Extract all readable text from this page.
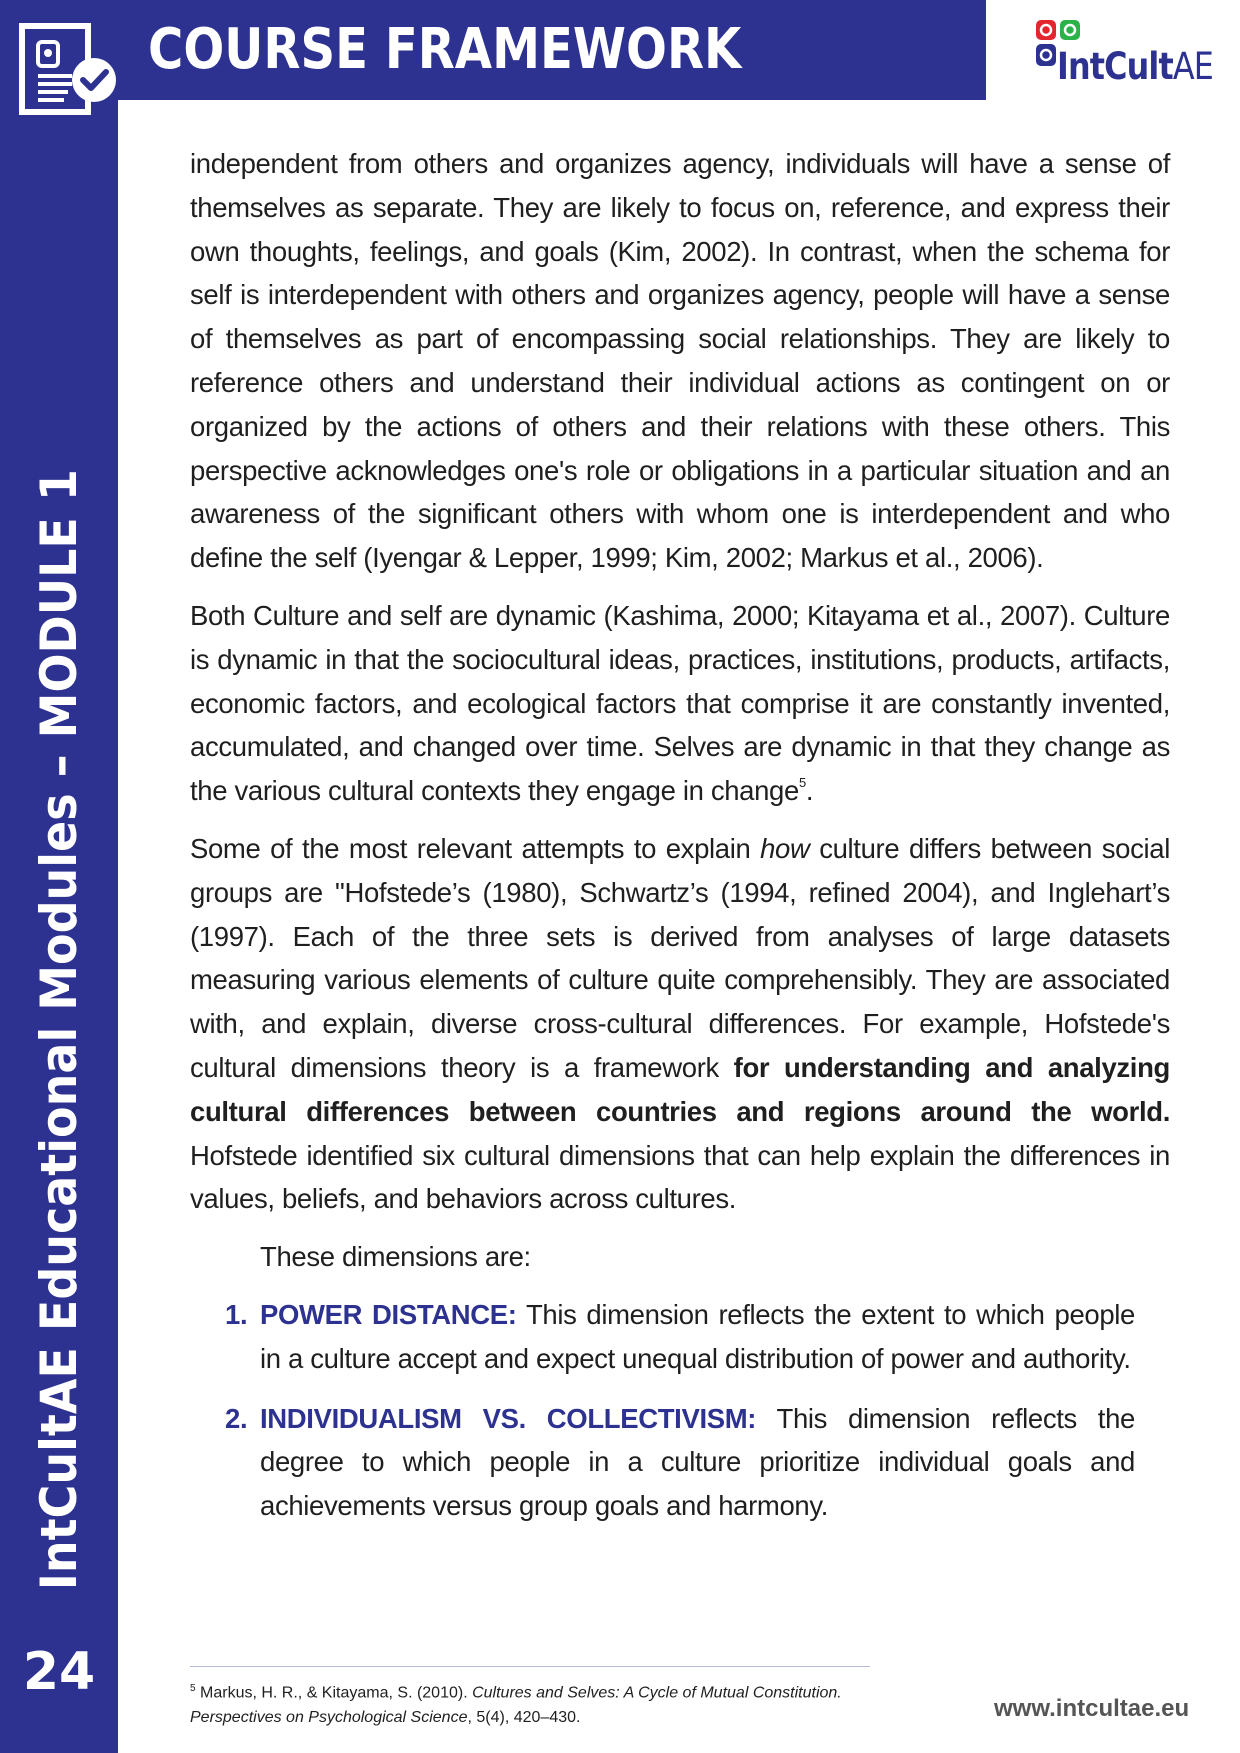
COURSE FRAMEWORK	IntCultAE
IntCultAE Educational Modules – MODULE 1
24

independent from others and organizes agency, individuals will have a sense of themselves as separate. They are likely to focus on, reference, and express their own thoughts, feelings, and goals (Kim, 2002). In contrast, when the schema for self is interdependent with others and organizes agency, people will have a sense of themselves as part of encompassing social relationships. They are likely to reference others and understand their individual actions as contingent on or organized by the actions of others and their relations with these others. This perspective acknowledges one's role or obligations in a particular situation and an awareness of the significant others with whom one is interdependent and who define the self (Iyengar & Lepper, 1999; Kim, 2002; Markus et al., 2006).

Both Culture and self are dynamic (Kashima, 2000; Kitayama et al., 2007). Culture is dynamic in that the sociocultural ideas, practices, institutions, products, artifacts, economic factors, and ecological factors that comprise it are constantly invented, accumulated, and changed over time. Selves are dynamic in that they change as the various cultural contexts they engage in change$^5$.

Some of the most relevant attempts to explain how culture differs between social groups are "Hofstede’s (1980), Schwartz’s (1994, refined 2004), and Inglehart’s (1997). Each of the three sets is derived from analyses of large datasets measuring various elements of culture quite comprehensibly. They are associated with, and explain, diverse cross-cultural differences. For example, Hofstede's cultural dimensions theory is a framework for understanding and analyzing cultural differences between countries and regions around the world. Hofstede identified six cultural dimensions that can help explain the differences in values, beliefs, and behaviors across cultures.

These dimensions are:

1. POWER DISTANCE: This dimension reflects the extent to which people in a culture accept and expect unequal distribution of power and authority.
2. INDIVIDUALISM VS. COLLECTIVISM: This dimension reflects the degree to which people in a culture prioritize individual goals and achievements versus group goals and harmony.
$^5$ Markus, H. R., & Kitayama, S. (2010). Cultures and Selves: A Cycle of Mutual Constitution. Perspectives on Psychological Science, 5(4), 420–430.	www.intcultae.eu
